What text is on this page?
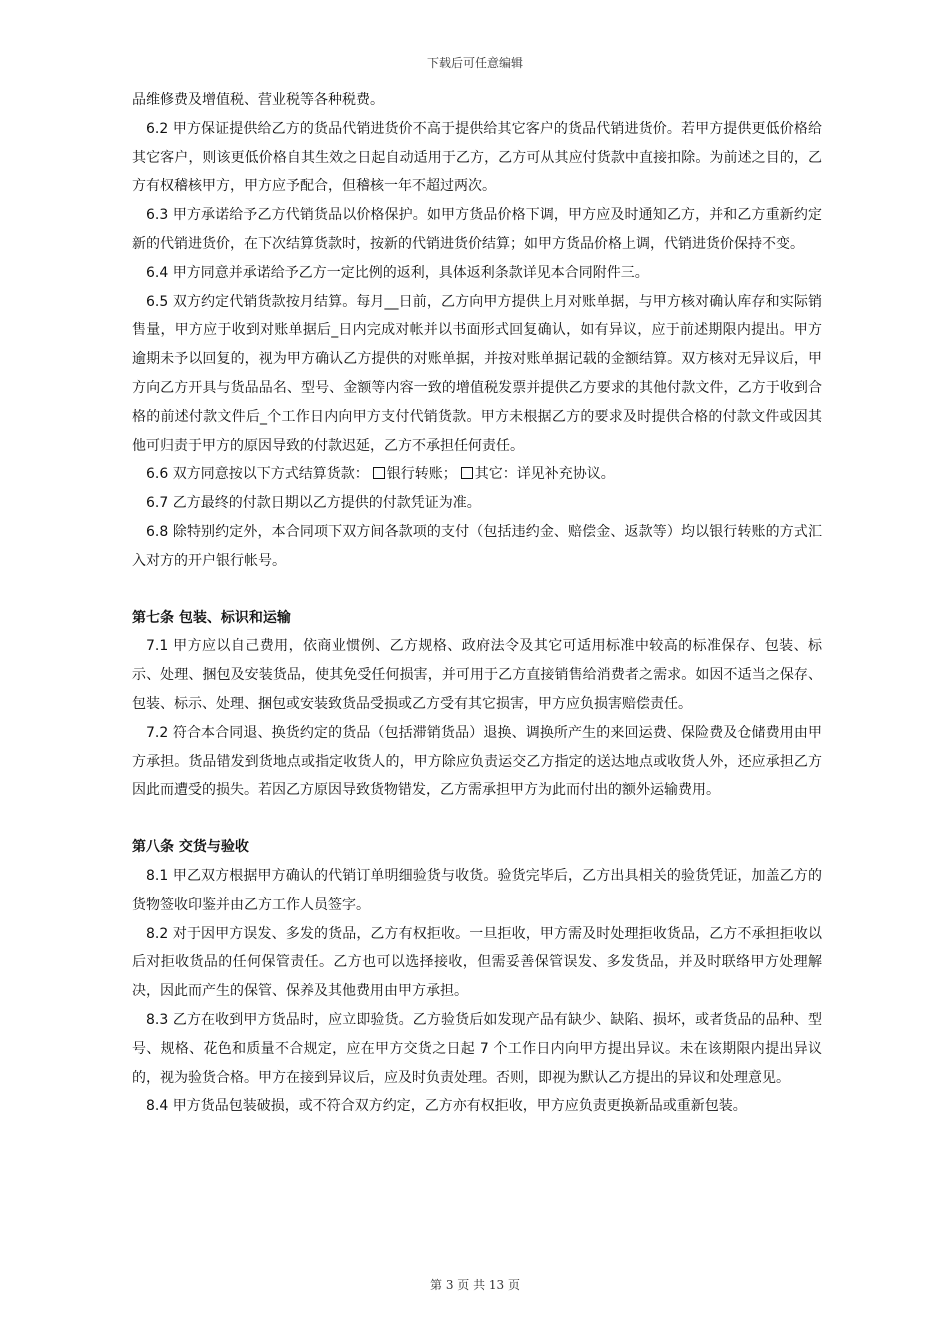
下载后可任意编辑

品维修费及增值税、营业税等各种税费。

6.2 甲方保证提供给乙方的货品代销进货价不高于提供给其它客户的货品代销进货价。若甲方提供更低价格给其它客户，则该更低价格自其生效之日起自动适用于乙方，乙方可从其应付货款中直接扣除。为前述之目的，乙方有权稽核甲方，甲方应予配合，但稽核一年不超过两次。

6.3 甲方承诺给予乙方代销货品以价格保护。如甲方货品价格下调，甲方应及时通知乙方，并和乙方重新约定新的代销进货价，在下次结算货款时，按新的代销进货价结算；如甲方货品价格上调，代销进货价保持不变。

6.4 甲方同意并承诺给予乙方一定比例的返利，具体返利条款详见本合同附件三。

6.5 双方约定代销货款按月结算。每月__日前，乙方向甲方提供上月对账单据，与甲方核对确认库存和实际销售量，甲方应于收到对账单据后_日内完成对帐并以书面形式回复确认，如有异议，应于前述期限内提出。甲方逾期未予以回复的，视为甲方确认乙方提供的对账单据，并按对账单据记载的金额结算。双方核对无异议后，甲方向乙方开具与货品品名、型号、金额等内容一致的增值税发票并提供乙方要求的其他付款文件，乙方于收到合格的前述付款文件后_个工作日内向甲方支付代销货款。甲方未根据乙方的要求及时提供合格的付款文件或因其他可归责于甲方的原因导致的付款迟延，乙方不承担任何责任。

6.6 双方同意按以下方式结算货款： 银行转账； 其它：详见补充协议。

6.7 乙方最终的付款日期以乙方提供的付款凭证为准。

6.8 除特别约定外，本合同项下双方间各款项的支付（包括违约金、赔偿金、返款等）均以银行转账的方式汇入对方的开户银行帐号。

第七条 包装、标识和运输

7.1 甲方应以自己费用，依商业惯例、乙方规格、政府法令及其它可适用标准中较高的标准保存、包装、标示、处理、捆包及安装货品，使其免受任何损害，并可用于乙方直接销售给消费者之需求。如因不适当之保存、包装、标示、处理、捆包或安装致货品受损或乙方受有其它损害，甲方应负损害赔偿责任。

7.2 符合本合同退、换货约定的货品（包括滞销货品）退换、调换所产生的来回运费、保险费及仓储费用由甲方承担。货品错发到货地点或指定收货人的，甲方除应负责运交乙方指定的送达地点或收货人外，还应承担乙方因此而遭受的损失。若因乙方原因导致货物错发，乙方需承担甲方为此而付出的额外运输费用。

第八条 交货与验收

8.1 甲乙双方根据甲方确认的代销订单明细验货与收货。验货完毕后，乙方出具相关的验货凭证，加盖乙方的货物签收印鉴并由乙方工作人员签字。

8.2 对于因甲方误发、多发的货品，乙方有权拒收。一旦拒收，甲方需及时处理拒收货品，乙方不承担拒收以后对拒收货品的任何保管责任。乙方也可以选择接收，但需妥善保管误发、多发货品，并及时联络甲方处理解决，因此而产生的保管、保养及其他费用由甲方承担。

8.3 乙方在收到甲方货品时，应立即验货。乙方验货后如发现产品有缺少、缺陷、损坏，或者货品的品种、型号、规格、花色和质量不合规定，应在甲方交货之日起 7 个工作日内向甲方提出异议。未在该期限内提出异议的，视为验货合格。甲方在接到异议后，应及时负责处理。否则，即视为默认乙方提出的异议和处理意见。

8.4 甲方货品包装破损，或不符合双方约定，乙方亦有权拒收，甲方应负责更换新品或重新包装。

第 3 页 共 13 页
